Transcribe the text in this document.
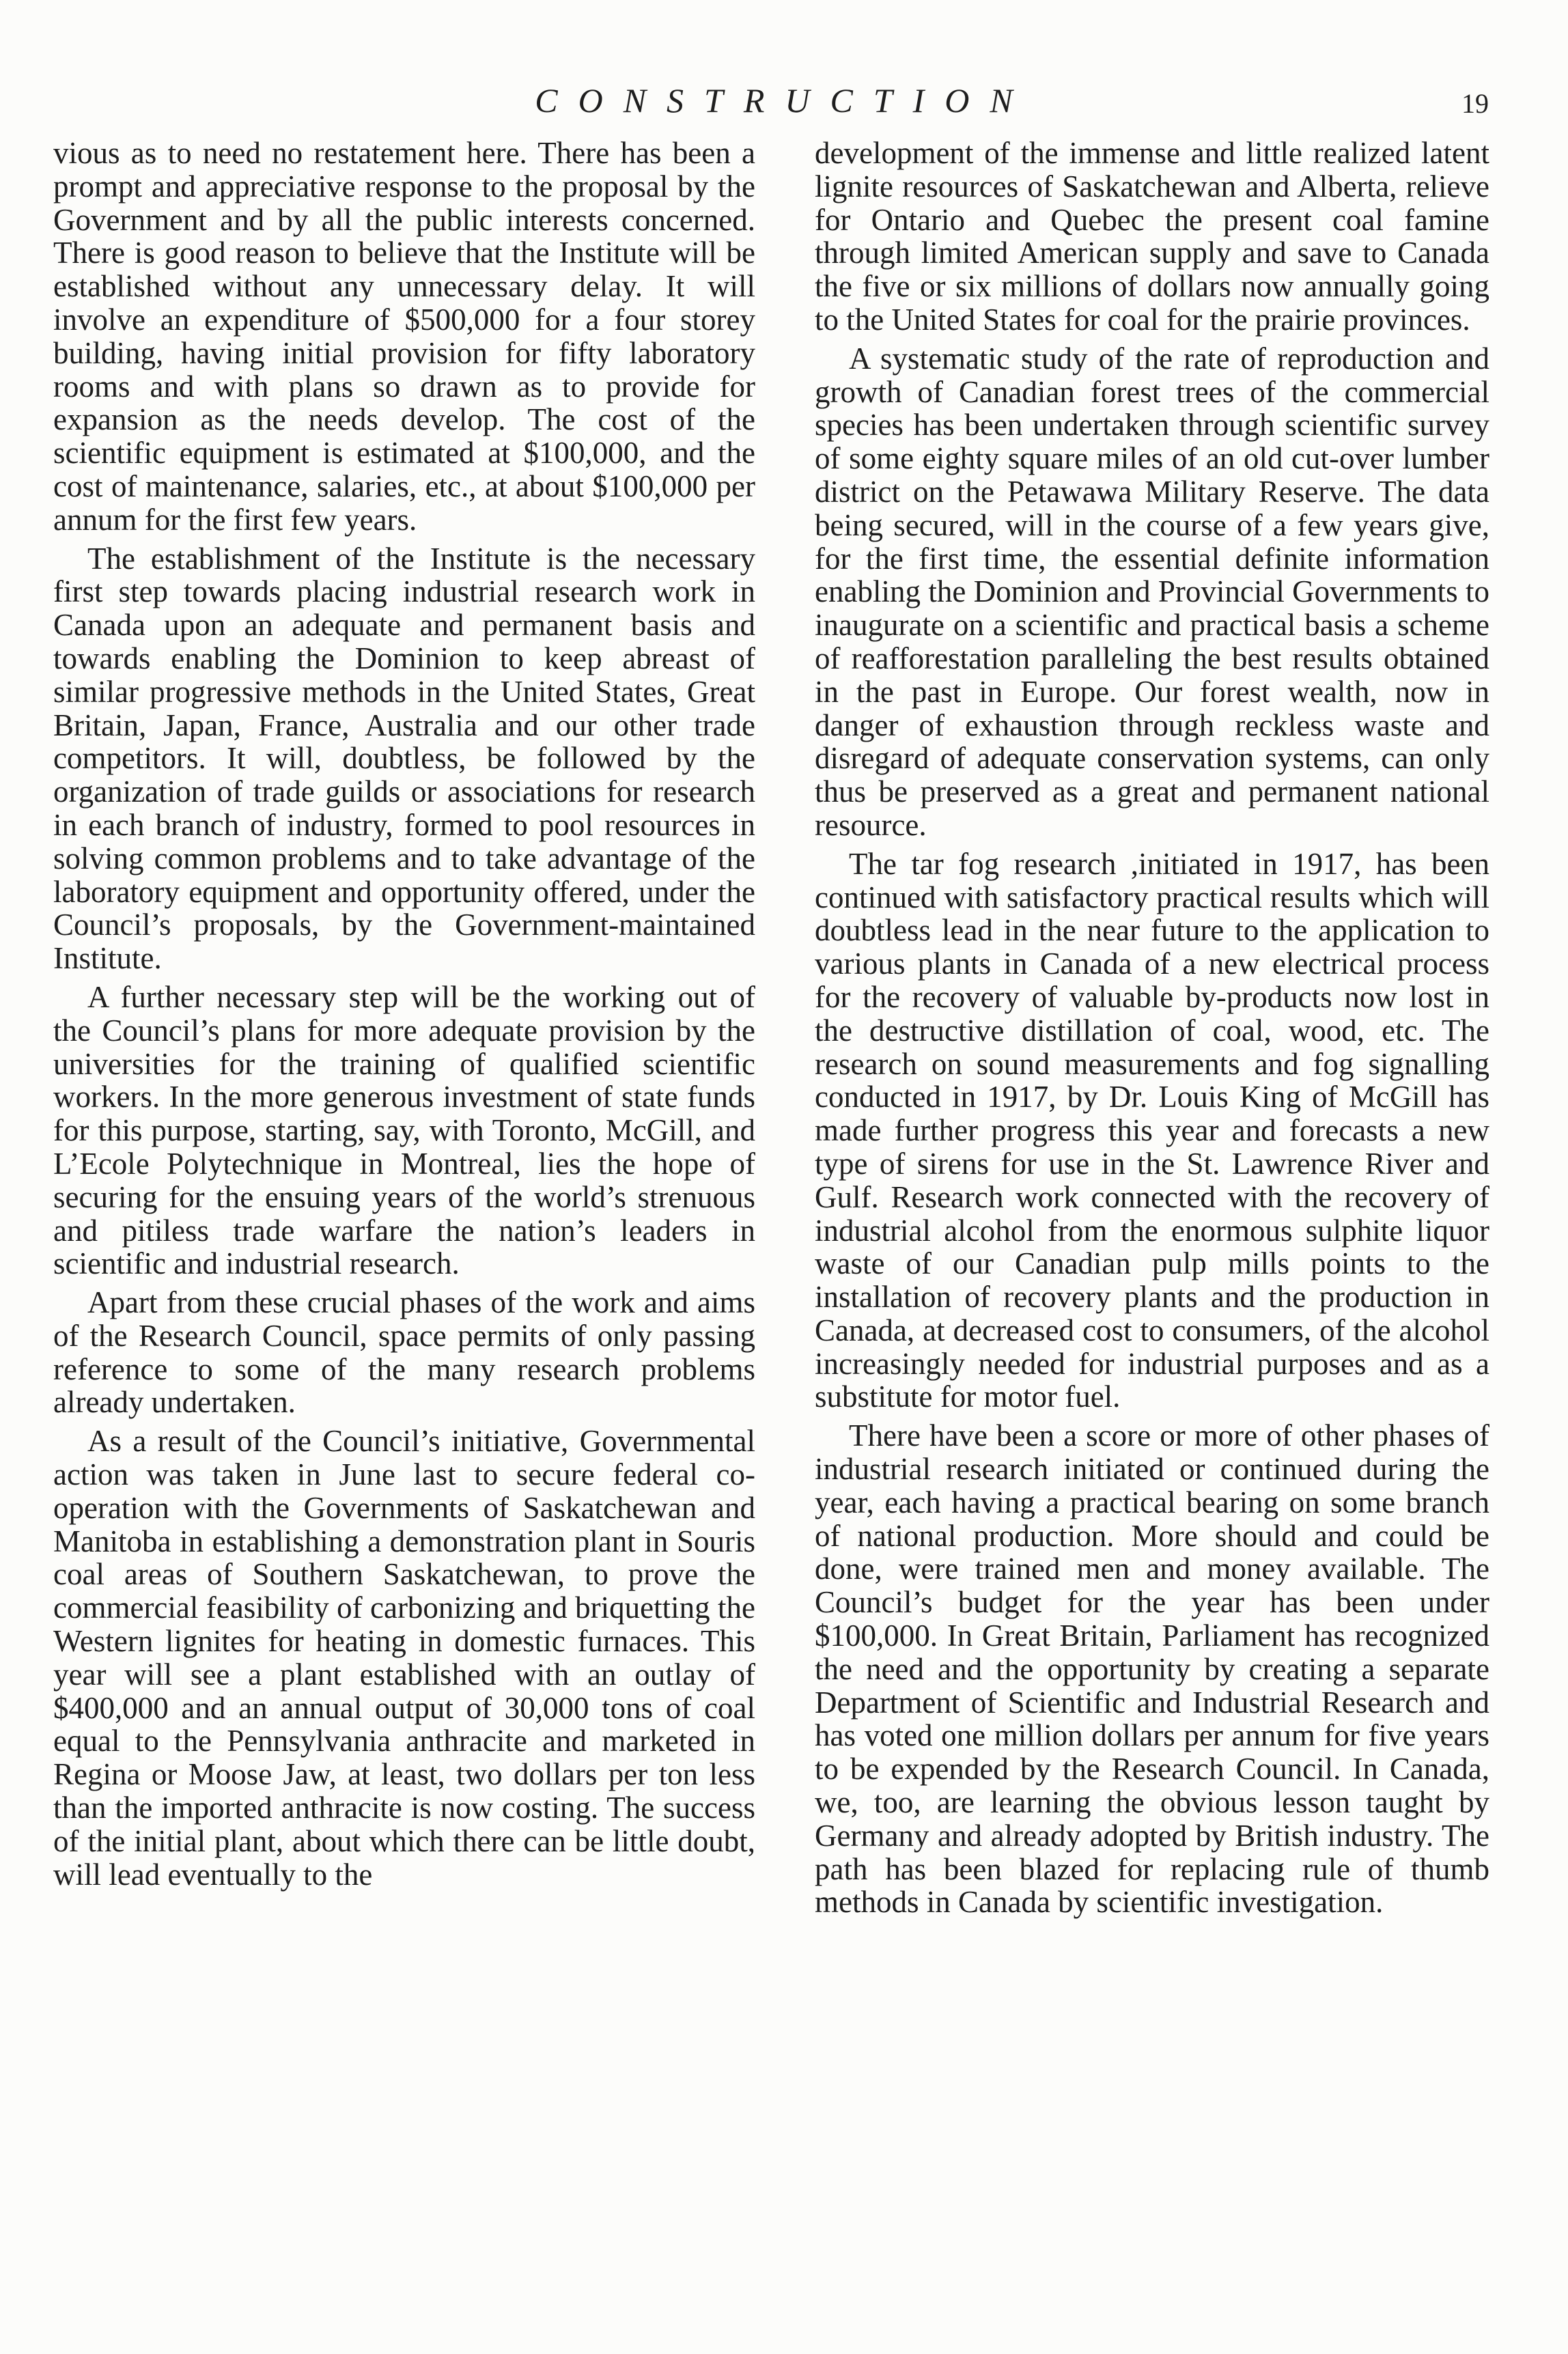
CONSTRUCTION	19

vious as to need no restatement here. There has been a prompt and appreciative response to the proposal by the Government and by all the public interests concerned. There is good reason to believe that the Institute will be established without any unnecessary delay. It will involve an expenditure of $500,000 for a four storey building, having initial provision for fifty laboratory rooms and with plans so drawn as to provide for expansion as the needs develop. The cost of the scientific equipment is estimated at $100,000, and the cost of maintenance, salaries, etc., at about $100,000 per annum for the first few years.

The establishment of the Institute is the necessary first step towards placing industrial research work in Canada upon an adequate and permanent basis and towards enabling the Dominion to keep abreast of similar progressive methods in the United States, Great Britain, Japan, France, Australia and our other trade competitors. It will, doubtless, be followed by the organization of trade guilds or associations for research in each branch of industry, formed to pool resources in solving common problems and to take advantage of the laboratory equipment and opportunity offered, under the Council’s proposals, by the Government-maintained Institute.

A further necessary step will be the working out of the Council’s plans for more adequate provision by the universities for the training of qualified scientific workers. In the more generous investment of state funds for this purpose, starting, say, with Toronto, McGill, and L’Ecole Polytechnique in Montreal, lies the hope of securing for the ensuing years of the world’s strenuous and pitiless trade warfare the nation’s leaders in scientific and industrial research.

Apart from these crucial phases of the work and aims of the Research Council, space permits of only passing reference to some of the many research problems already undertaken.

As a result of the Council’s initiative, Governmental action was taken in June last to secure federal co-operation with the Governments of Saskatchewan and Manitoba in establishing a demonstration plant in Souris coal areas of Southern Saskatchewan, to prove the commercial feasibility of carbonizing and briquetting the Western lignites for heating in domestic furnaces. This year will see a plant established with an outlay of $400,000 and an annual output of 30,000 tons of coal equal to the Pennsylvania anthracite and marketed in Regina or Moose Jaw, at least, two dollars per ton less than the imported anthracite is now costing. The success of the initial plant, about which there can be little doubt, will lead eventually to the

development of the immense and little realized latent lignite resources of Saskatchewan and Alberta, relieve for Ontario and Quebec the present coal famine through limited American supply and save to Canada the five or six millions of dollars now annually going to the United States for coal for the prairie provinces.

A systematic study of the rate of reproduction and growth of Canadian forest trees of the commercial species has been undertaken through scientific survey of some eighty square miles of an old cut-over lumber district on the Petawawa Military Reserve. The data being secured, will in the course of a few years give, for the first time, the essential definite information enabling the Dominion and Provincial Governments to inaugurate on a scientific and practical basis a scheme of reafforestation paralleling the best results obtained in the past in Europe. Our forest wealth, now in danger of exhaustion through reckless waste and disregard of adequate conservation systems, can only thus be preserved as a great and permanent national resource.

The tar fog research ,initiated in 1917, has been continued with satisfactory practical results which will doubtless lead in the near future to the application to various plants in Canada of a new electrical process for the recovery of valuable by-products now lost in the destructive distillation of coal, wood, etc. The research on sound measurements and fog signalling conducted in 1917, by Dr. Louis King of McGill has made further progress this year and forecasts a new type of sirens for use in the St. Lawrence River and Gulf. Research work connected with the recovery of industrial alcohol from the enormous sulphite liquor waste of our Canadian pulp mills points to the installation of recovery plants and the production in Canada, at decreased cost to consumers, of the alcohol increasingly needed for industrial purposes and as a substitute for motor fuel.

There have been a score or more of other phases of industrial research initiated or continued during the year, each having a practical bearing on some branch of national production. More should and could be done, were trained men and money available. The Council’s budget for the year has been under $100,000. In Great Britain, Parliament has recognized the need and the opportunity by creating a separate Department of Scientific and Industrial Research and has voted one million dollars per annum for five years to be expended by the Research Council. In Canada, we, too, are learning the obvious lesson taught by Germany and already adopted by British industry. The path has been blazed for replacing rule of thumb methods in Canada by scientific investigation.
